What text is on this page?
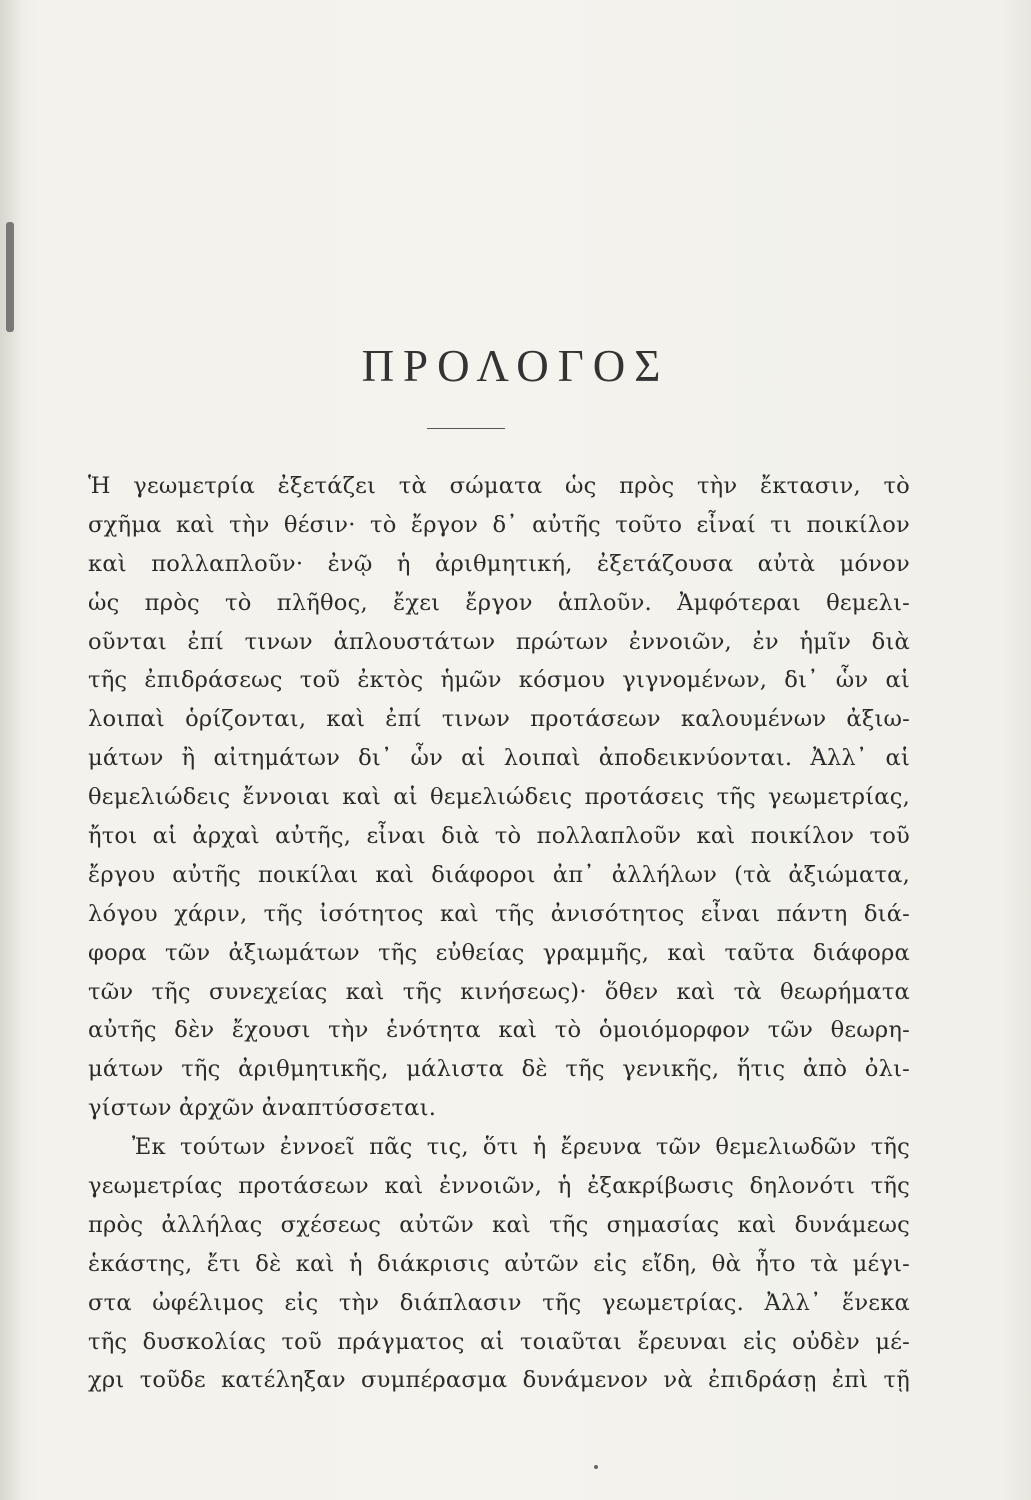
ΠΡΟΛΟΓΟΣ
Ἡ γεωμετρία ἐξετάζει τὰ σώματα ὡς πρὸς τὴν ἔκτασιν, τὸ
σχῆμα καὶ τὴν θέσιν· τὸ ἔργον δ᾽ αὐτῆς τοῦτο εἶναί τι ποικίλον
καὶ πολλαπλοῦν· ἐνῷ ἡ ἀριθμητική, ἐξετάζουσα αὐτὰ μόνον
ὡς πρὸς τὸ πλῆθος, ἔχει ἔργον ἁπλοῦν. Ἀμφότεραι θεμελι-
οῦνται ἐπί τινων ἁπλουστάτων πρώτων ἐννοιῶν, ἐν ἡμῖν διὰ
τῆς ἐπιδράσεως τοῦ ἐκτὸς ἡμῶν κόσμου γιγνομένων, δι᾽ ὧν αἱ
λοιπαὶ ὁρίζονται, καὶ ἐπί τινων προτάσεων καλουμένων ἀξιω-
μάτων ἢ αἰτημάτων δι᾽ ὧν αἱ λοιπαὶ ἀποδεικνύονται. Ἀλλ᾽ αἱ
θεμελιώδεις ἔννοιαι καὶ αἱ θεμελιώδεις προτάσεις τῆς γεωμετρίας,
ἤτοι αἱ ἀρχαὶ αὐτῆς, εἶναι διὰ τὸ πολλαπλοῦν καὶ ποικίλον τοῦ
ἔργου αὐτῆς ποικίλαι καὶ διάφοροι ἀπ᾽ ἀλλήλων (τὰ ἀξιώματα,
λόγου χάριν, τῆς ἰσότητος καὶ τῆς ἀνισότητος εἶναι πάντη διά-
φορα τῶν ἀξιωμάτων τῆς εὐθείας γραμμῆς, καὶ ταῦτα διάφορα
τῶν τῆς συνεχείας καὶ τῆς κινήσεως)· ὅθεν καὶ τὰ θεωρήματα
αὐτῆς δὲν ἔχουσι τὴν ἑνότητα καὶ τὸ ὁμοιόμορφον τῶν θεωρη-
μάτων τῆς ἀριθμητικῆς, μάλιστα δὲ τῆς γενικῆς, ἥτις ἀπὸ ὀλι-
γίστων ἀρχῶν ἀναπτύσσεται.
Ἐκ τούτων ἐννοεῖ πᾶς τις, ὅτι ἡ ἔρευνα τῶν θεμελιωδῶν τῆς
γεωμετρίας προτάσεων καὶ ἐννοιῶν, ἡ ἐξακρίβωσις δηλονότι τῆς
πρὸς ἀλλήλας σχέσεως αὐτῶν καὶ τῆς σημασίας καὶ δυνάμεως
ἑκάστης, ἔτι δὲ καὶ ἡ διάκρισις αὐτῶν εἰς εἴδη, θὰ ἦτο τὰ μέγι-
στα ὠφέλιμος εἰς τὴν διάπλασιν τῆς γεωμετρίας. Ἀλλ᾽ ἕνεκα
τῆς δυσκολίας τοῦ πράγματος αἱ τοιαῦται ἔρευναι εἰς οὐδὲν μέ-
χρι τοῦδε κατέληξαν συμπέρασμα δυνάμενον νὰ ἐπιδράσῃ ἐπὶ τῇ
